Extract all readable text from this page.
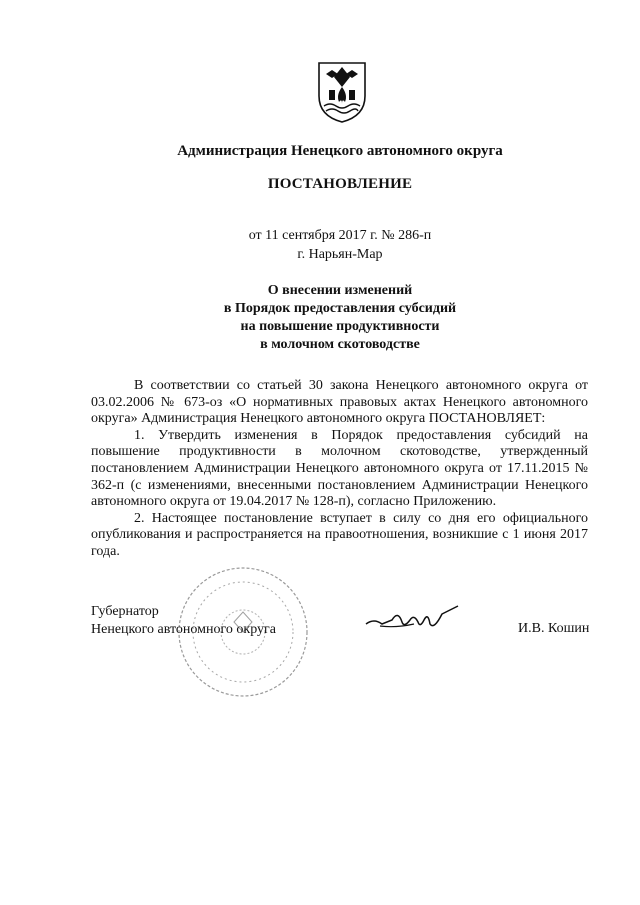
Администрация Ненецкого автономного округа
ПОСТАНОВЛЕНИЕ
от 11 сентября 2017 г. № 286-п
г. Нарьян-Мар
О внесении изменений
в Порядок предоставления субсидий
на повышение продуктивности
в молочном скотоводстве

В соответствии со статьей 30 закона Ненецкого автономного округа от 03.02.2006 № 673-оз «О нормативных правовых актах Ненецкого автономного округа» Администрация Ненецкого автономного округа ПОСТАНОВЛЯЕТ:

1. Утвердить изменения в Порядок предоставления субсидий на повышение продуктивности в молочном скотоводстве, утвержденный постановлением Администрации Ненецкого автономного округа от 17.11.2015 № 362-п (с изменениями, внесенными постановлением Администрации Ненецкого автономного округа от 19.04.2017 № 128-п), согласно Приложению.

2. Настоящее постановление вступает в силу со дня его официального опубликования и распространяется на правоотношения, возникшие с 1 июня 2017 года.

Губернатор
Ненецкого автономного округа	И.В. Кошин
